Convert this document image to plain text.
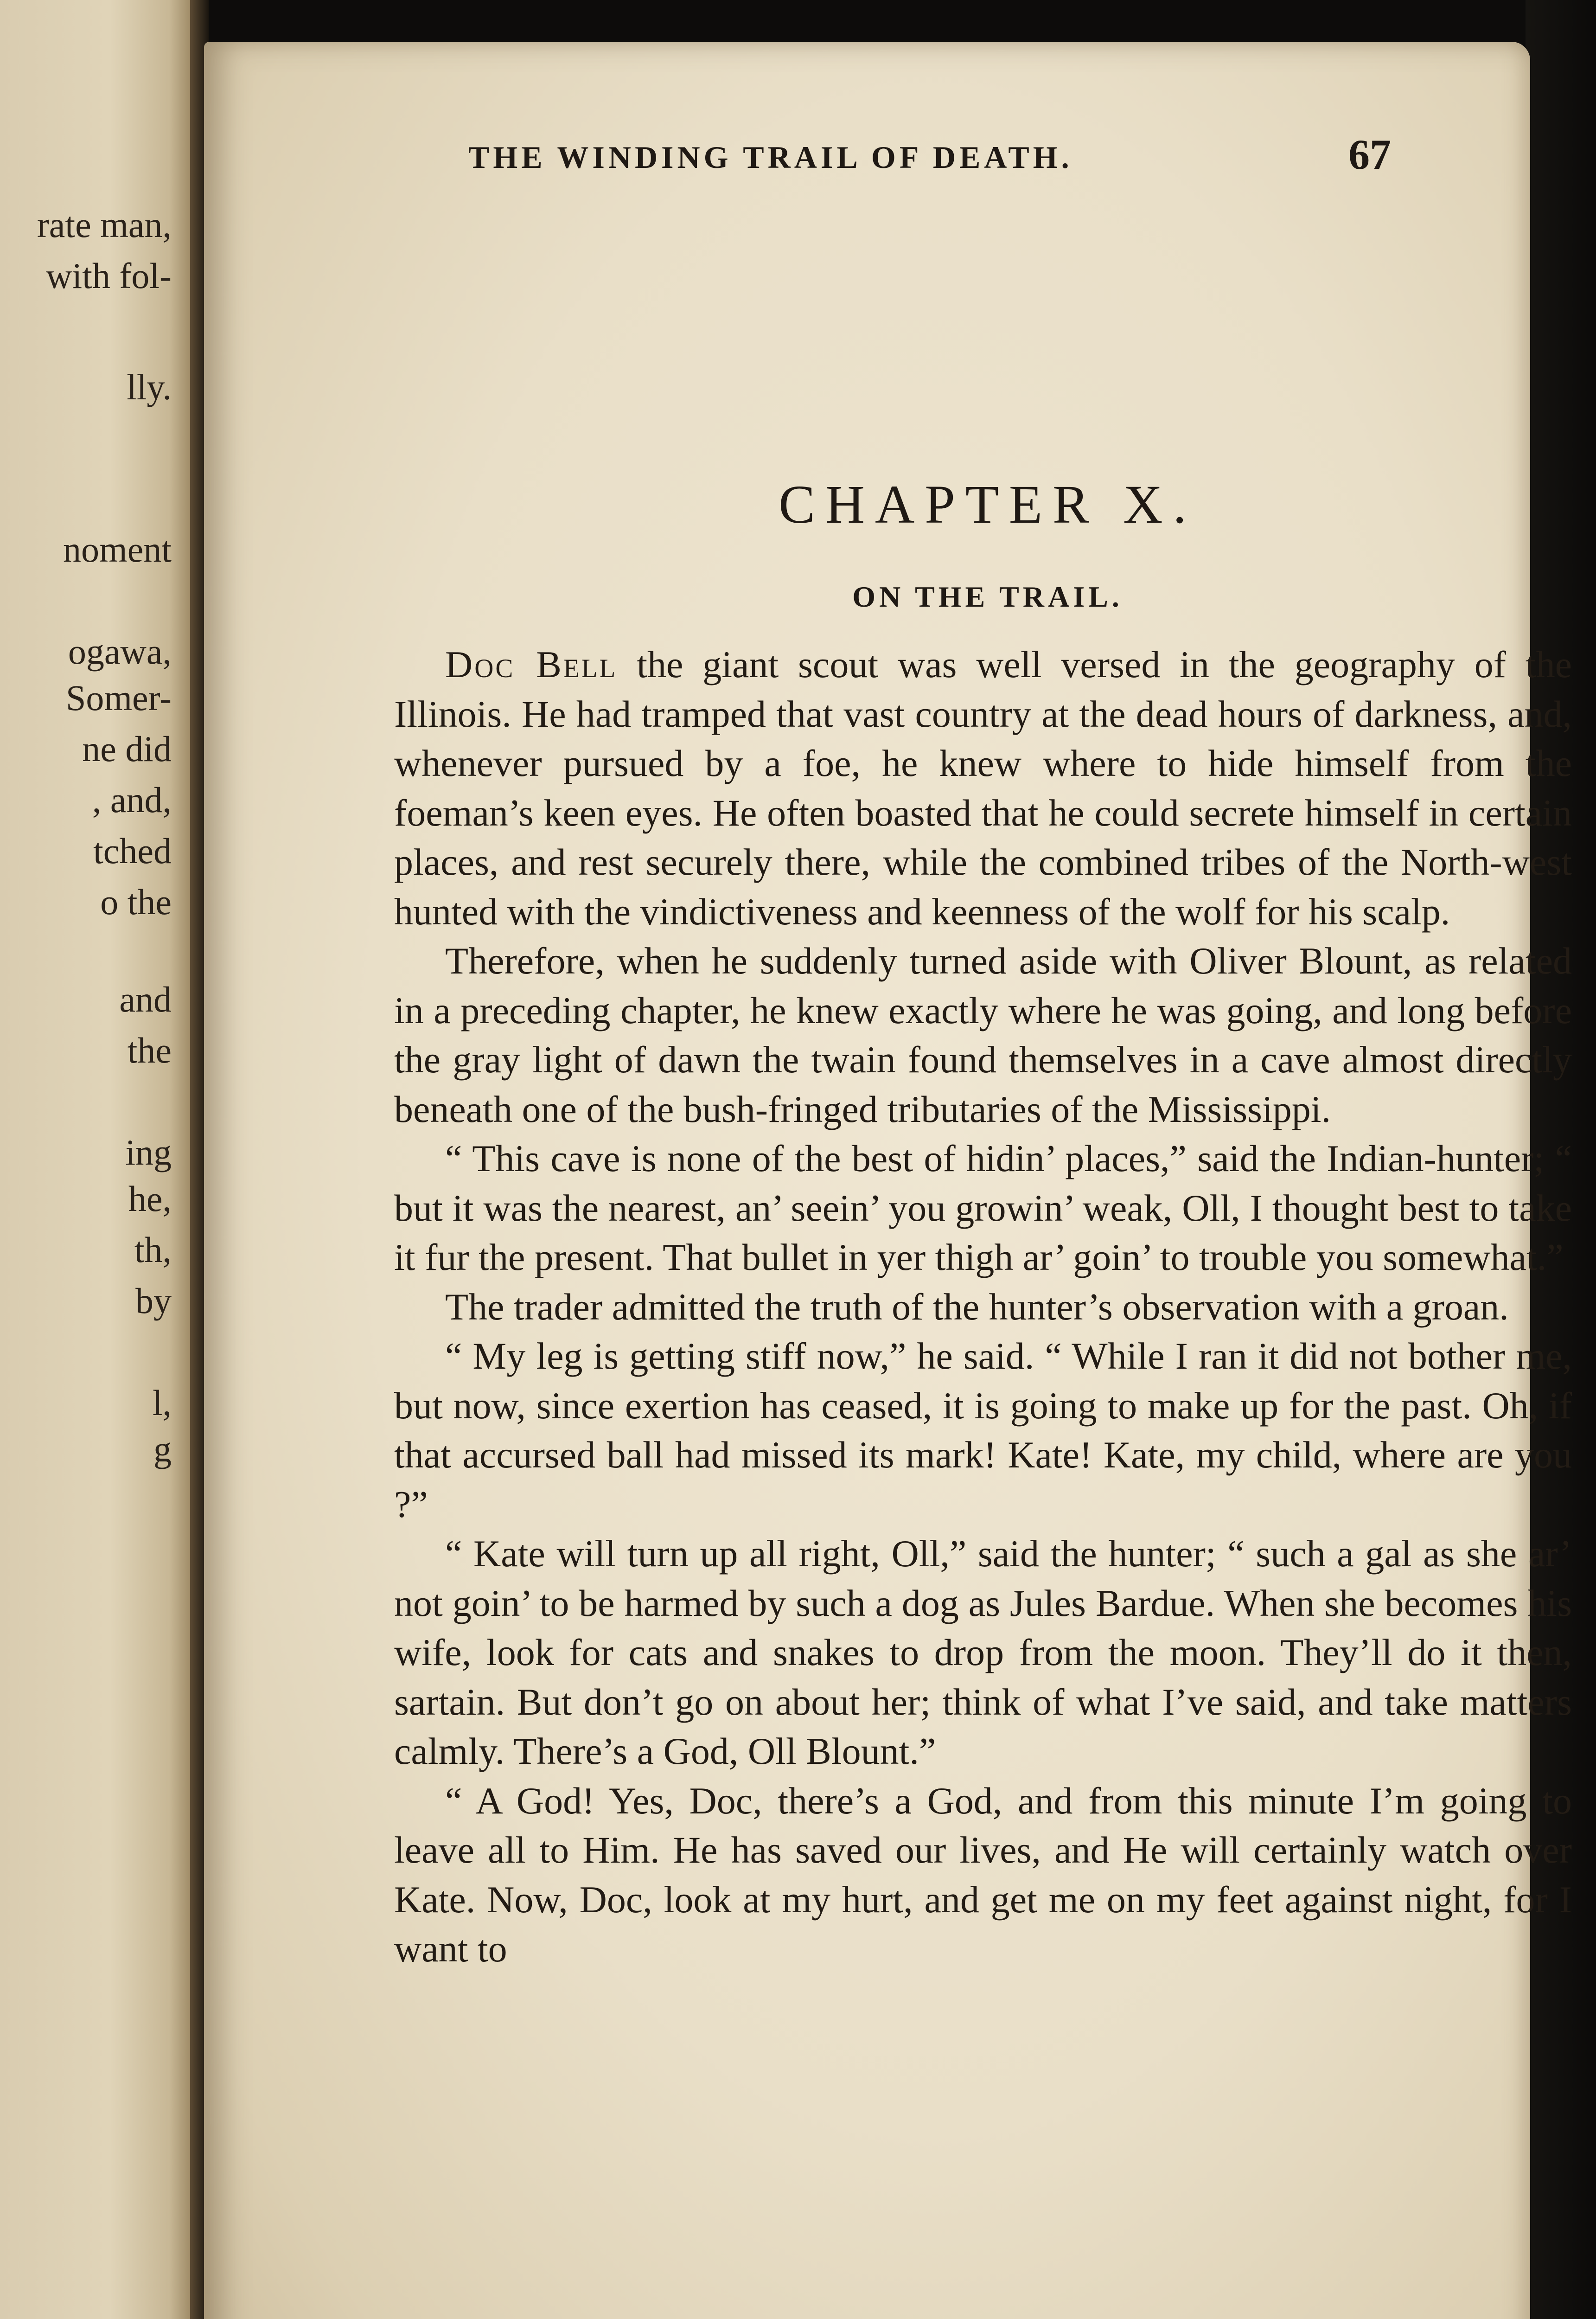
rate man,
with fol-
lly.
noment
ogawa,
Somer-
ne did
, and,
tched
o the
and
the
ing
he,
th,
by
l,
g
THE WINDING TRAIL OF DEATH.	67
CHAPTER X.
ON THE TRAIL.

Doc Bell the giant scout was well versed in the geography of the Illinois. He had tramped that vast country at the dead hours of darkness, and, whenever pursued by a foe, he knew where to hide himself from the foeman’s keen eyes. He often boasted that he could secrete himself in certain places, and rest securely there, while the combined tribes of the North-west hunted with the vindictiveness and keenness of the wolf for his scalp.

Therefore, when he suddenly turned aside with Oliver Blount, as related in a preceding chapter, he knew exactly where he was going, and long before the gray light of dawn the twain found themselves in a cave almost directly beneath one of the bush-fringed tributaries of the Mississippi.

“ This cave is none of the best of hidin’ places,” said the Indian-hunter; “ but it was the nearest, an’ seein’ you growin’ weak, Oll, I thought best to take it fur the present. That bullet in yer thigh ar’ goin’ to trouble you somewhat.”

The trader admitted the truth of the hunter’s observation with a groan.

“ My leg is getting stiff now,” he said. “ While I ran it did not bother me, but now, since exertion has ceased, it is going to make up for the past. Oh, if that accursed ball had missed its mark! Kate! Kate, my child, where are you ?”

“ Kate will turn up all right, Oll,” said the hunter; “ such a gal as she ar’ not goin’ to be harmed by such a dog as Jules Bardue. When she becomes his wife, look for cats and snakes to drop from the moon. They’ll do it then, sartain. But don’t go on about her; think of what I’ve said, and take matters calmly. There’s a God, Oll Blount.”

“ A God! Yes, Doc, there’s a God, and from this minute I’m going to leave all to Him. He has saved our lives, and He will certainly watch over Kate. Now, Doc, look at my hurt, and get me on my feet against night, for I want to
